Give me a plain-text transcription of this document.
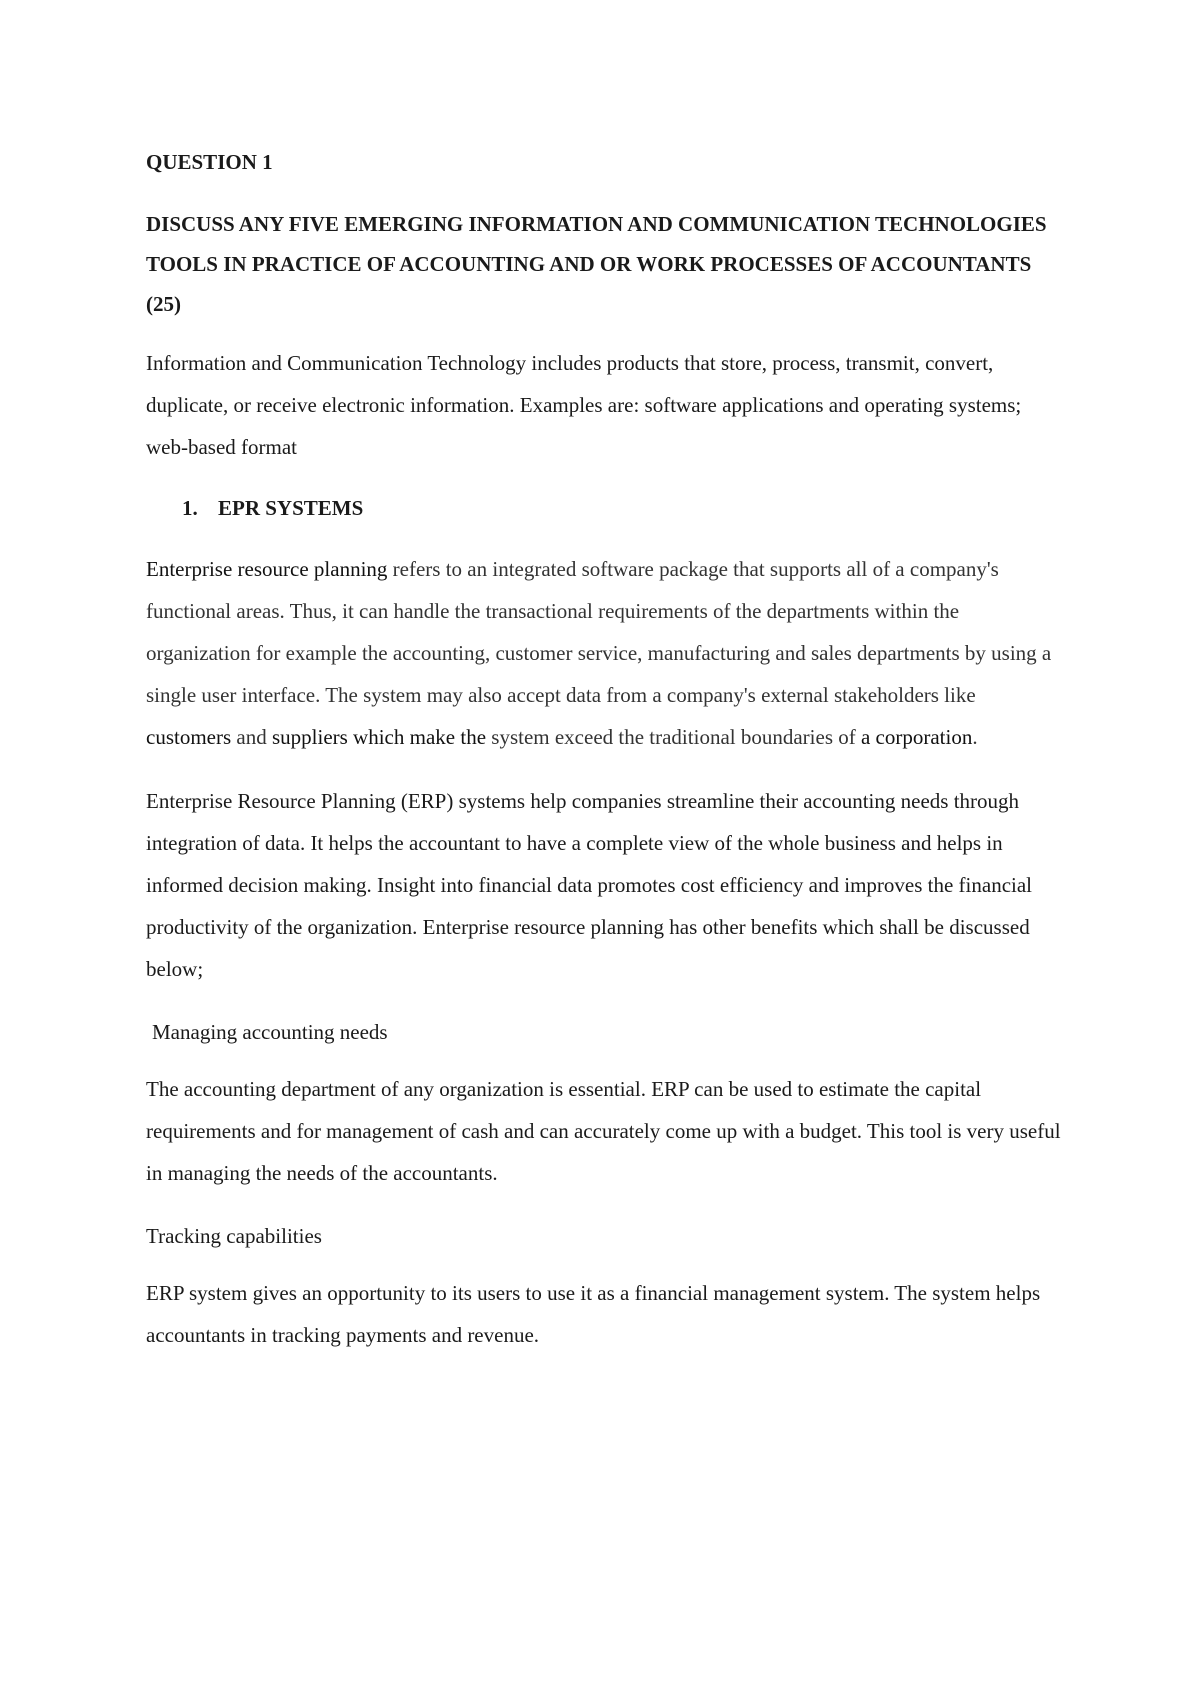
QUESTION 1

DISCUSS ANY FIVE EMERGING INFORMATION AND COMMUNICATION TECHNOLOGIES TOOLS IN PRACTICE OF ACCOUNTING AND OR WORK PROCESSES OF ACCOUNTANTS (25)

Information and Communication Technology includes products that store, process, transmit, convert, duplicate, or receive electronic information. Examples are: software applications and operating systems; web-based format

1. EPR SYSTEMS

Enterprise resource planning refers to an integrated software package that supports all of a company's functional areas. Thus, it can handle the transactional requirements of the departments within the organization for example the accounting, customer service, manufacturing and sales departments by using a single user interface. The system may also accept data from a company's external stakeholders like customers and suppliers which make the system exceed the traditional boundaries of a corporation.

Enterprise Resource Planning (ERP) systems help companies streamline their accounting needs through integration of data. It helps the accountant to have a complete view of the whole business and helps in informed decision making. Insight into financial data promotes cost efficiency and improves the financial productivity of the organization. Enterprise resource planning has other benefits which shall be discussed below;

Managing accounting needs

The accounting department of any organization is essential. ERP can be used to estimate the capital requirements and for management of cash and can accurately come up with a budget. This tool is very useful in managing the needs of the accountants.

Tracking capabilities

ERP system gives an opportunity to its users to use it as a financial management system. The system helps accountants in tracking payments and revenue.
